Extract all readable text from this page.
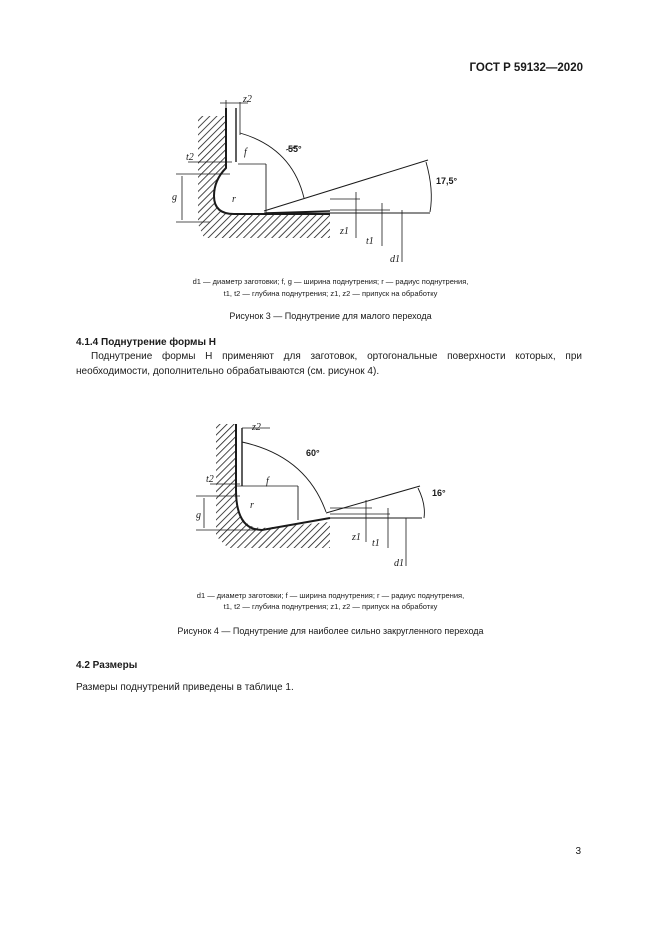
ГОСТ Р 59132—2020
z2
f
t2
g	r
z1
t1
d1
55°
17,5°
d1 — диаметр заготовки; f, g — ширина поднутрения; r — радиус поднутрения,
t1, t2 — глубина поднутрения; z1, z2 — припуск на обработку
Рисунок 3 — Поднутрение для малого перехода
4.1.4 Поднутрение формы Н
Поднутрение формы Н применяют для заготовок, ортогональные поверхности которых, при необходимости, дополнительно обрабатываются (см. рисунок 4).
z2
f
t2
g
r
z1
t1
d1
60°
16°
d1 — диаметр заготовки; f — ширина поднутрения; r — радиус поднутрения,
t1, t2 — глубина поднутрения; z1, z2 — припуск на обработку
Рисунок 4 — Поднутрение для наиболее сильно закругленного перехода
4.2 Размеры
Размеры поднутрений приведены в таблице 1.
3
